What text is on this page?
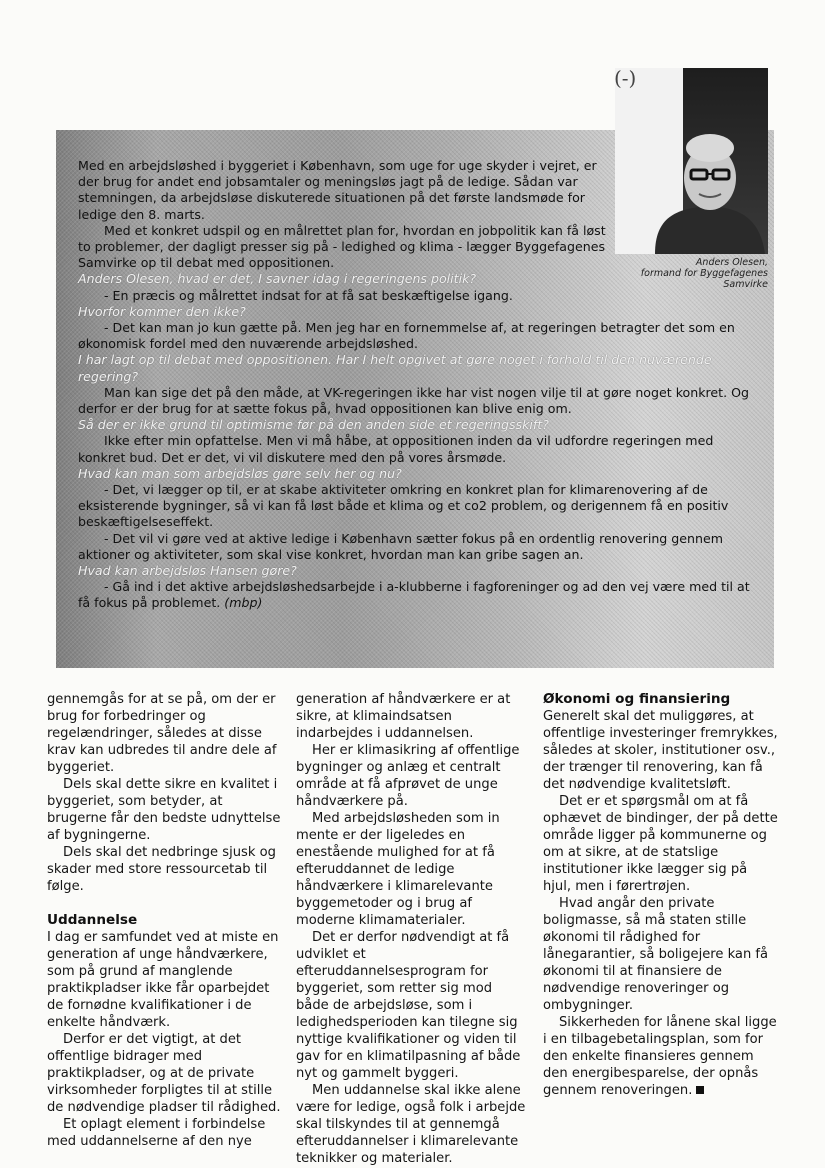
(-)
Anders Olesen,
formand for Byggefagenes Samvirke

Med en arbejdsløshed i byggeriet i København, som uge for uge skyder i vejret, er der brug for andet end jobsamtaler og meningsløs jagt på de ledige. Sådan var stemningen, da arbejdsløse diskuterede situationen på det første landsmøde for ledige den 8. marts.

Med et konkret udspil og en målrettet plan for, hvordan en jobpolitik kan få løst to problemer, der dagligt presser sig på - ledighed og klima - lægger Byggefagenes Samvirke op til debat med oppositionen.

Anders Olesen, hvad er det, I savner idag i regeringens politik?

- En præcis og målrettet indsat for at få sat beskæftigelse igang.

Hvorfor kommer den ikke?

- Det kan man jo kun gætte på. Men jeg har en fornemmelse af, at regeringen betragter det som en økonomisk fordel med den nuværende arbejdsløshed.

I har lagt op til debat med oppositionen. Har I helt opgivet at gøre noget i forhold til den nuværende regering?

Man kan sige det på den måde, at VK-regeringen ikke har vist nogen vilje til at gøre noget konkret. Og derfor er der brug for at sætte fokus på, hvad oppositionen kan blive enig om.

Så der er ikke grund til optimisme før på den anden side et regeringsskift?

Ikke efter min opfattelse. Men vi må håbe, at oppositionen inden da vil udfordre regeringen med konkret bud. Det er det, vi vil diskutere med den på vores årsmøde.

Hvad kan man som arbejdsløs gøre selv her og nu?

- Det, vi lægger op til, er at skabe aktiviteter omkring en konkret plan for klimarenovering af de eksisterende bygninger, så vi kan få løst både et klima og et co2 problem, og derigennem få en positiv beskæftigelseseffekt.

- Det vil vi gøre ved at aktive ledige i København sætter fokus på en ordentlig renovering gennem aktioner og aktiviteter, som skal vise konkret, hvordan man kan gribe sagen an.

Hvad kan arbejdsløs Hansen gøre?

- Gå ind i det aktive arbejdsløshedsarbejde i a-klubberne i fagforeninger og ad den vej være med til at få fokus på problemet. (mbp)

gennemgås for at se på, om der er brug for forbedringer og regelændringer, således at disse krav kan udbredes til andre dele af byggeriet.

Dels skal dette sikre en kvalitet i byggeriet, som betyder, at brugerne får den bedste udnyttelse af bygningerne.

Dels skal det nedbringe sjusk og skader med store ressourcetab til følge.

Uddannelse

I dag er samfundet ved at miste en generation af unge håndværkere, som på grund af manglende praktikpladser ikke får oparbejdet de fornødne kvalifikationer i de enkelte håndværk.

Derfor er det vigtigt, at det offentlige bidrager med praktikpladser, og at de private virksomheder forpligtes til at stille de nødvendige pladser til rådighed.

Et oplagt element i forbindelse med uddannelserne af den nye

generation af håndværkere er at sikre, at klimaindsatsen indarbejdes i uddannelsen.

Her er klimasikring af offentlige bygninger og anlæg et centralt område at få afprøvet de unge håndværkere på.

Med arbejdsløsheden som in mente er der ligeledes en enestående mulighed for at få efteruddannet de ledige håndværkere i klimarelevante byggemetoder og i brug af moderne klimamaterialer.

Det er derfor nødvendigt at få udviklet et efteruddannelsesprogram for byggeriet, som retter sig mod både de arbejdsløse, som i ledighedsperioden kan tilegne sig nyttige kvalifikationer og viden til gav for en klimatilpasning af både nyt og gammelt byggeri.

Men uddannelse skal ikke alene være for ledige, også folk i arbejde skal tilskyndes til at gennemgå efteruddannelser i klimarelevante teknikker og materialer.

Økonomi og finansiering

Generelt skal det muliggøres, at offentlige investeringer fremrykkes, således at skoler, institutioner osv., der trænger til renovering, kan få det nødvendige kvalitetsløft.

Det er et spørgsmål om at få ophævet de bindinger, der på dette område ligger på kommunerne og om at sikre, at de statslige institutioner ikke lægger sig på hjul, men i førertrøjen.

Hvad angår den private boligmasse, så må staten stille økonomi til rådighed for lånegarantier, så boligejere kan få økonomi til at finansiere de nødvendige renoveringer og ombygninger.

Sikkerheden for lånene skal ligge i en tilbagebetalingsplan, som for den enkelte finansieres gennem den energibesparelse, der opnås gennem renoveringen.
